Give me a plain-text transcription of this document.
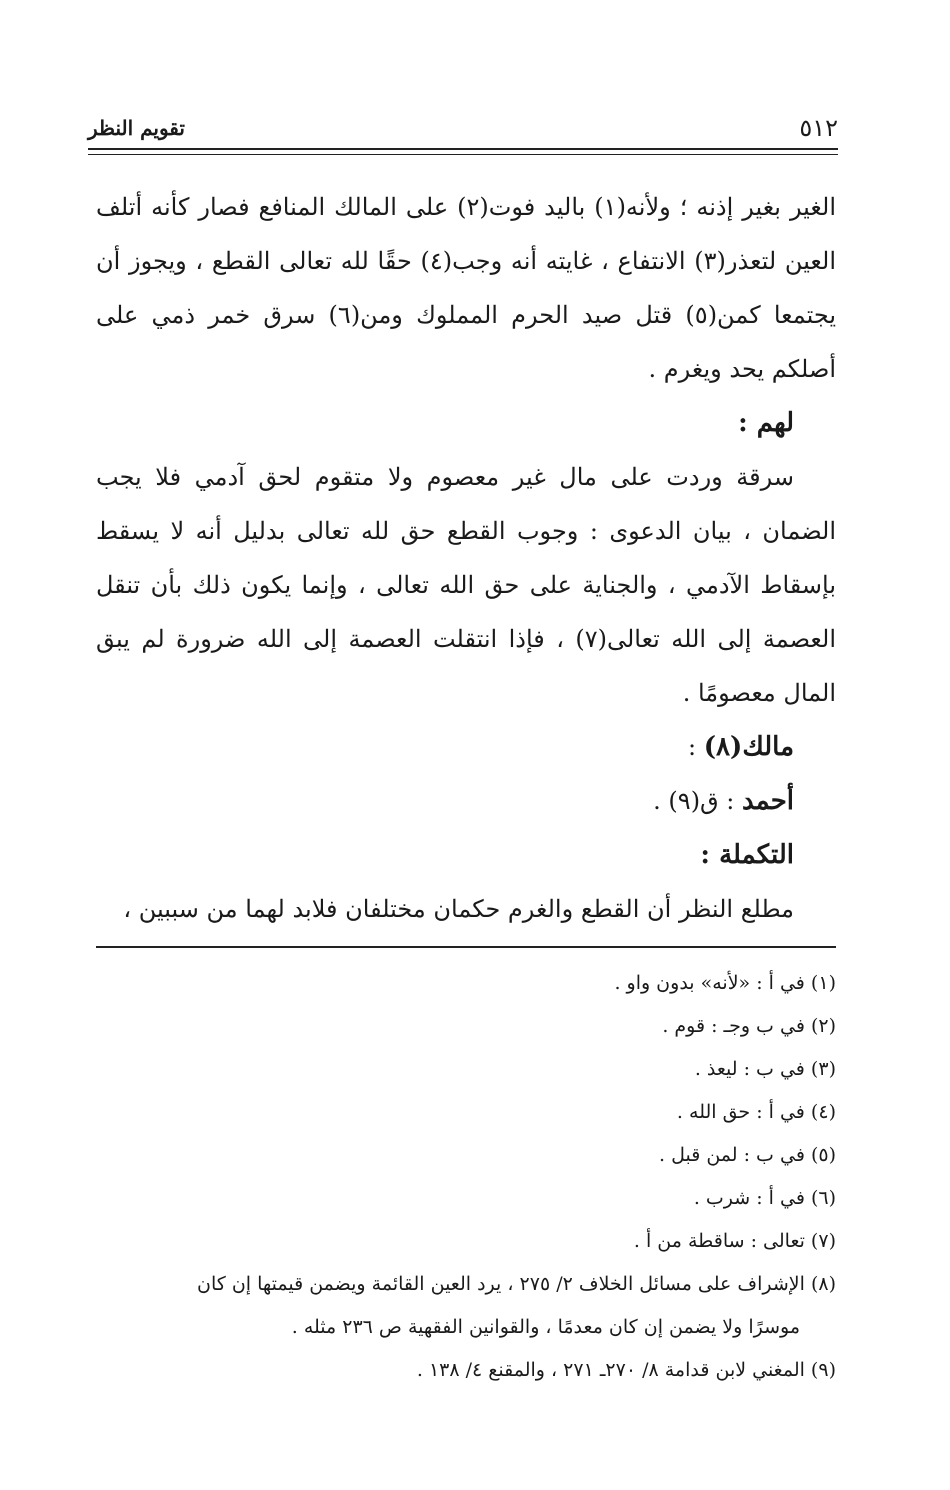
٥١٢
تقويم النظر

الغير بغير إذنه ؛ ولأنه(١) باليد فوت(٢) على المالك المنافع فصار كأنه أتلف العين لتعذر(٣) الانتفاع ، غايته أنه وجب(٤) حقًا لله تعالى القطع ، ويجوز أن يجتمعا كمن(٥) قتل صيد الحرم المملوك ومن(٦) سرق خمر ذمي على أصلكم يحد ويغرم .

لهم :

سرقة وردت على مال غير معصوم ولا متقوم لحق آدمي فلا يجب الضمان ، بيان الدعوى : وجوب القطع حق لله تعالى بدليل أنه لا يسقط بإسقاط الآدمي ، والجناية على حق الله تعالى ، وإنما يكون ذلك بأن تنقل العصمة إلى الله تعالى(٧) ، فإذا انتقلت العصمة إلى الله ضرورة لم يبق المال معصومًا .

مالك(٨) :

أحمد : ق(٩) .

التكملة :

مطلع النظر أن القطع والغرم حكمان مختلفان فلابد لهما من سببين ،

(١) في أ : «لأنه» بدون واو .
(٢) في ب وجـ : قوم .
(٣) في ب : ليعذ .
(٤) في أ : حق الله .
(٥) في ب : لمن قبل .
(٦) في أ : شرب .
(٧) تعالى : ساقطة من أ .
(٨) الإشراف على مسائل الخلاف ٢/ ٢٧٥ ، يرد العين القائمة ويضمن قيمتها إن كان
موسرًا ولا يضمن إن كان معدمًا ، والقوانين الفقهية ص ٢٣٦ مثله .
(٩) المغني لابن قدامة ٨/ ٢٧٠ـ ٢٧١ ، والمقنع ٤/ ١٣٨ .
